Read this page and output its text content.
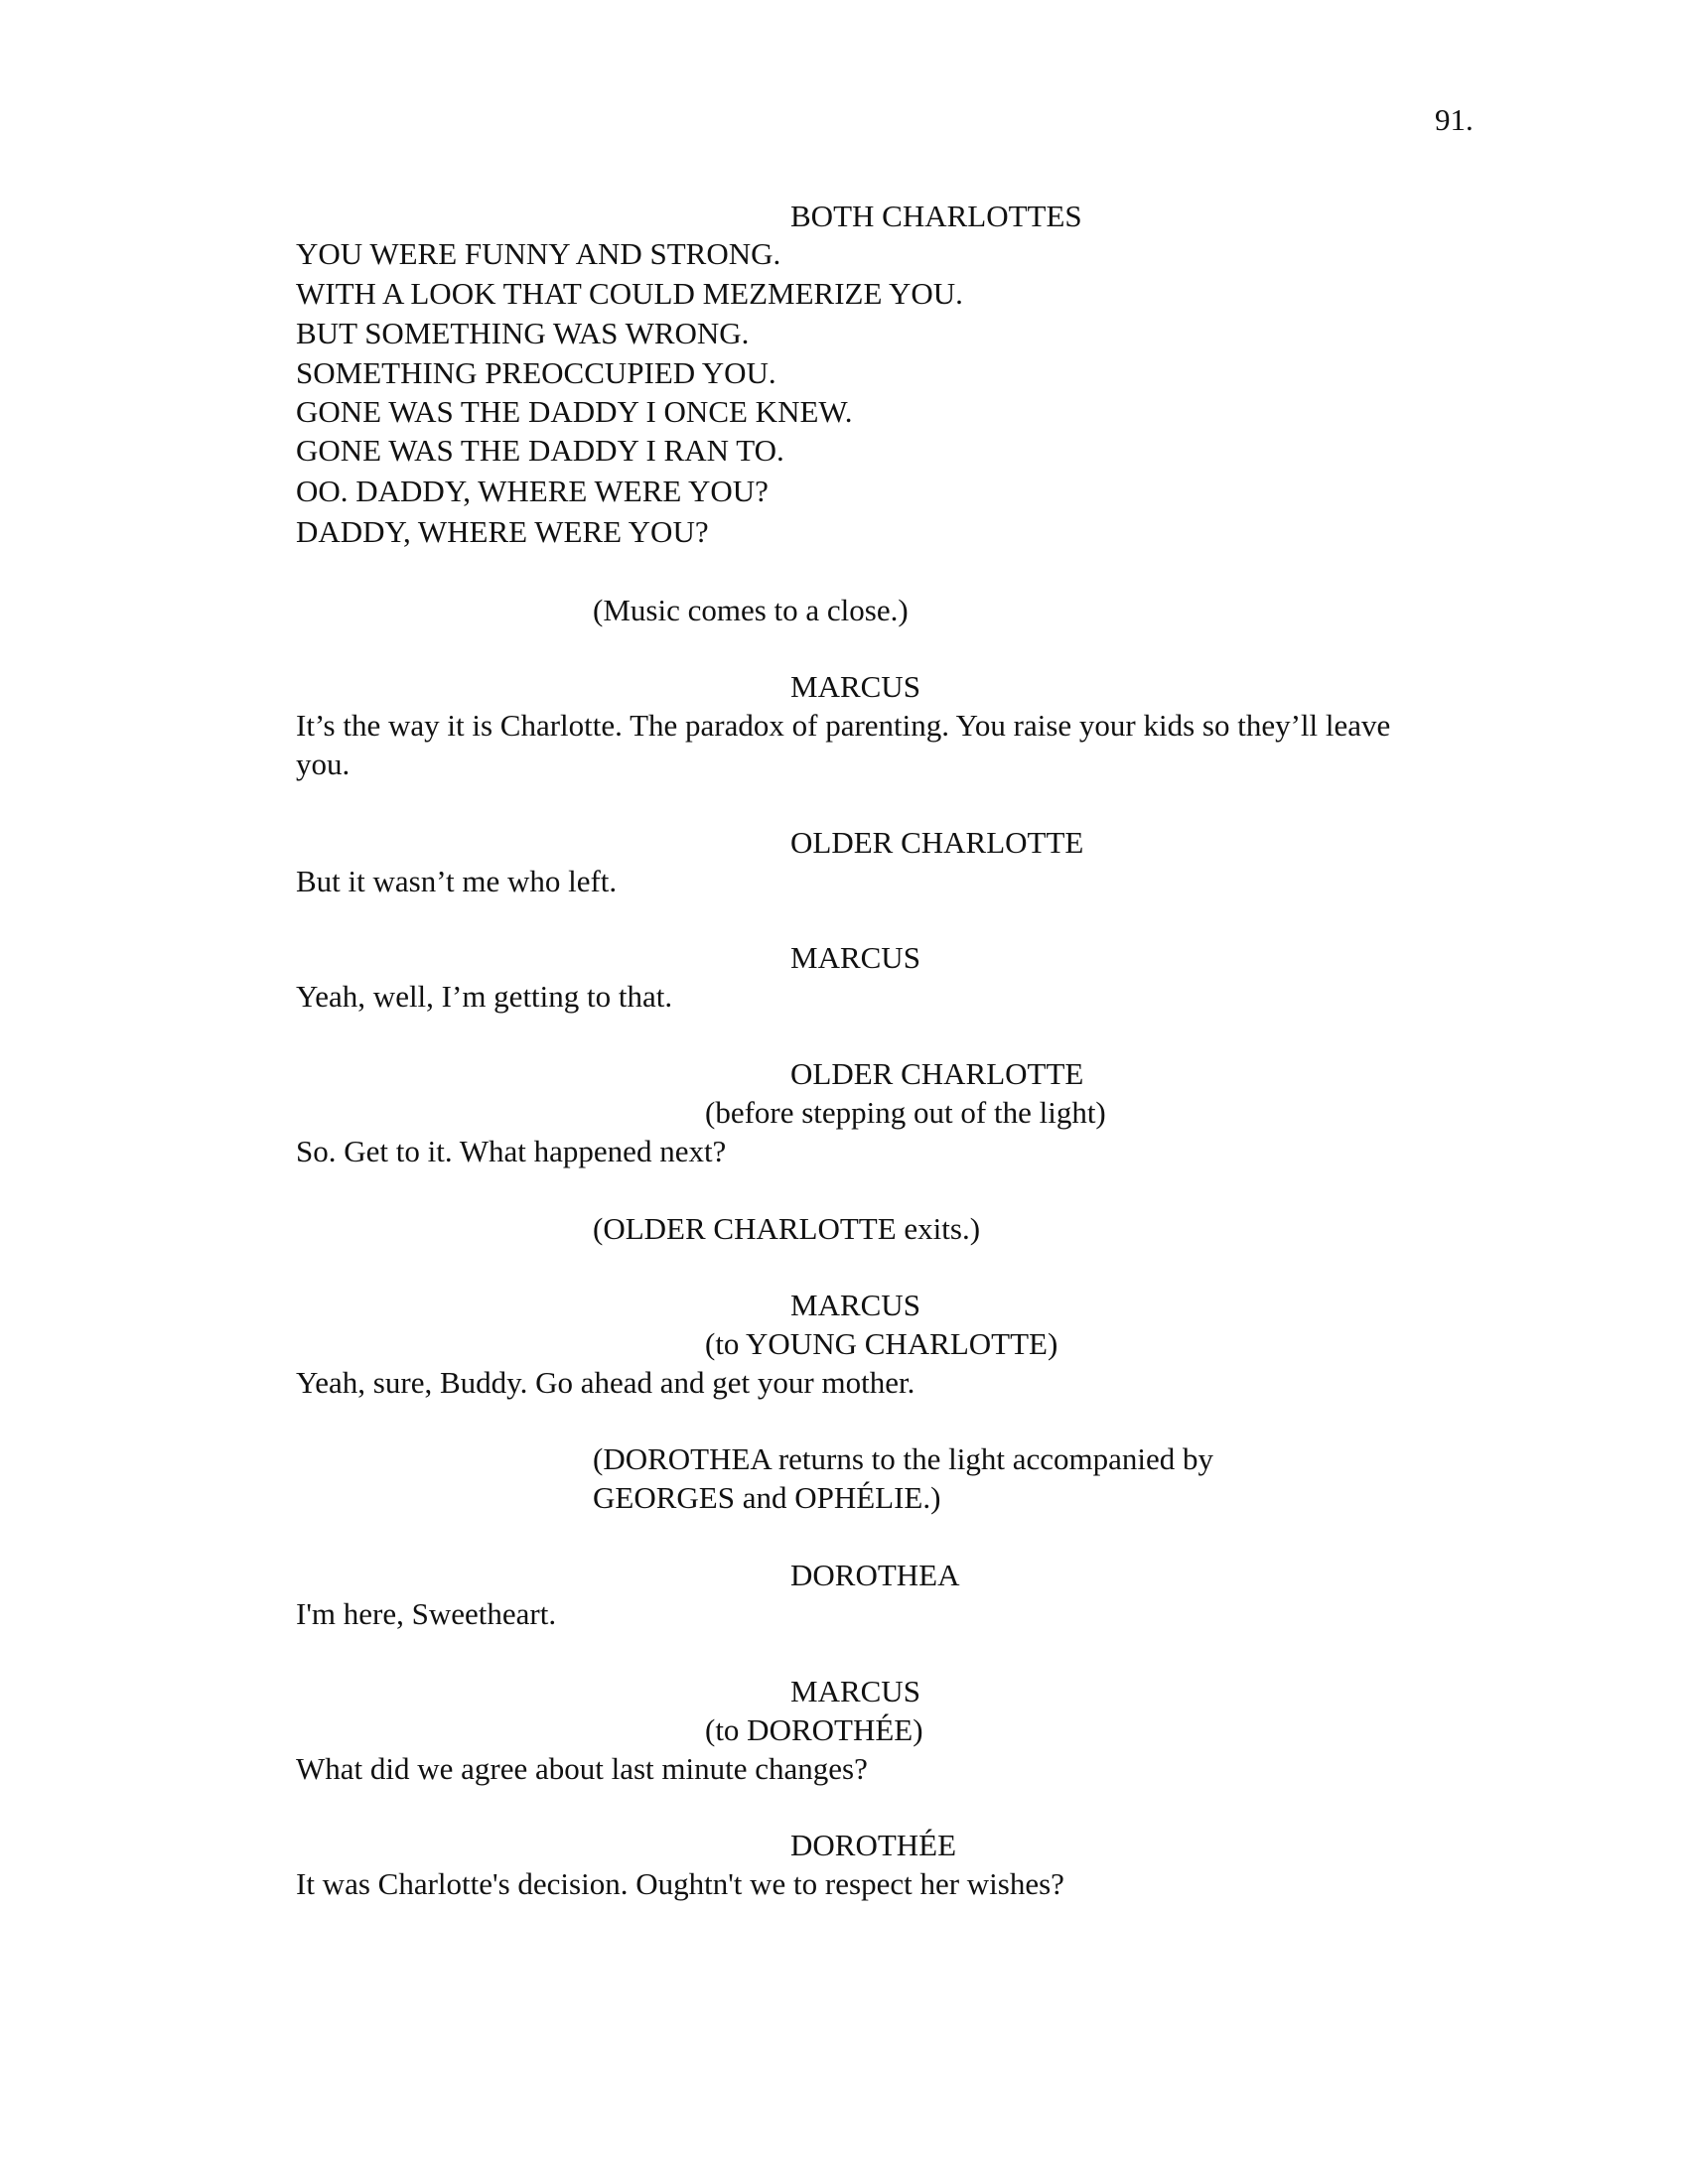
91.
BOTH CHARLOTTES
YOU WERE FUNNY AND STRONG.
WITH A LOOK THAT COULD MEZMERIZE YOU.
BUT SOMETHING WAS WRONG.
SOMETHING PREOCCUPIED YOU.
GONE WAS THE DADDY I ONCE KNEW.
GONE WAS THE DADDY I RAN TO.
OO. DADDY, WHERE WERE YOU?
DADDY, WHERE WERE YOU?
(Music comes to a close.)
MARCUS
It’s the way it is Charlotte. The paradox of parenting. You raise your kids so they’ll leave
you.
OLDER CHARLOTTE
But it wasn’t me who left.
MARCUS
Yeah, well, I’m getting to that.
OLDER CHARLOTTE
(before stepping out of the light)
So. Get to it. What happened next?
(OLDER CHARLOTTE exits.)
MARCUS
(to YOUNG CHARLOTTE)
Yeah, sure, Buddy. Go ahead and get your mother.
(DOROTHEA returns to the light accompanied by
GEORGES and OPHÉLIE.)
DOROTHEA
I'm here, Sweetheart.
MARCUS
(to DOROTHÉE)
What did we agree about last minute changes?
DOROTHÉE
It was Charlotte's decision. Oughtn't we to respect her wishes?
